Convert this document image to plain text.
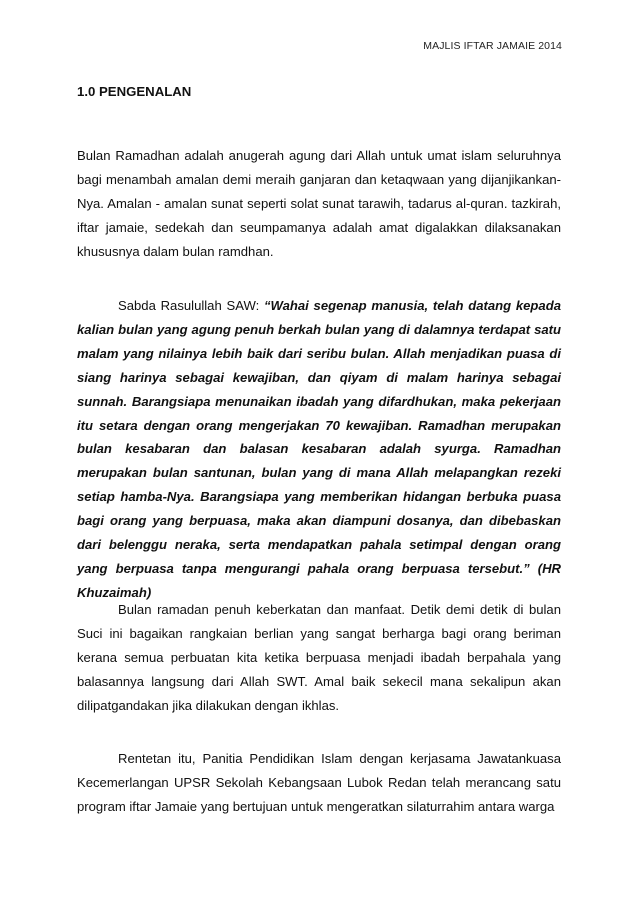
MAJLIS IFTAR JAMAIE 2014
1.0 PENGENALAN

Bulan Ramadhan adalah anugerah agung dari Allah untuk umat islam seluruhnya bagi menambah amalan demi meraih ganjaran dan ketaqwaan yang dijanjikankan-Nya. Amalan - amalan sunat seperti solat sunat tarawih, tadarus al-quran. tazkirah, iftar jamaie, sedekah dan seumpamanya adalah amat digalakkan dilaksanakan khususnya dalam bulan ramdhan.

Sabda Rasulullah SAW: “Wahai segenap manusia, telah datang kepada kalian bulan yang agung penuh berkah bulan yang di dalamnya terdapat satu malam yang nilainya lebih baik dari seribu bulan. Allah menjadikan puasa di siang harinya sebagai kewajiban, dan qiyam di malam harinya sebagai sunnah. Barangsiapa menunaikan ibadah yang difardhukan, maka pekerjaan itu setara dengan orang mengerjakan 70 kewajiban. Ramadhan merupakan bulan kesabaran dan balasan kesabaran adalah syurga. Ramadhan merupakan bulan santunan, bulan yang di mana Allah melapangkan rezeki setiap hamba-Nya. Barangsiapa yang memberikan hidangan berbuka puasa bagi orang yang berpuasa, maka akan diampuni dosanya, dan dibebaskan dari belenggu neraka, serta mendapatkan pahala setimpal dengan orang yang berpuasa tanpa mengurangi pahala orang berpuasa tersebut.” (HR Khuzaimah)

Bulan ramadan penuh keberkatan dan manfaat. Detik demi detik di bulan Suci ini bagaikan rangkaian berlian yang sangat berharga bagi orang beriman kerana semua perbuatan kita ketika berpuasa menjadi ibadah berpahala yang balasannya langsung dari Allah SWT. Amal baik sekecil mana sekalipun akan dilipatgandakan jika dilakukan dengan ikhlas.

Rentetan itu, Panitia Pendidikan Islam dengan kerjasama Jawatankuasa Kecemerlangan UPSR Sekolah Kebangsaan Lubok Redan telah merancang satu program iftar Jamaie yang bertujuan untuk mengeratkan silaturrahim antara warga
